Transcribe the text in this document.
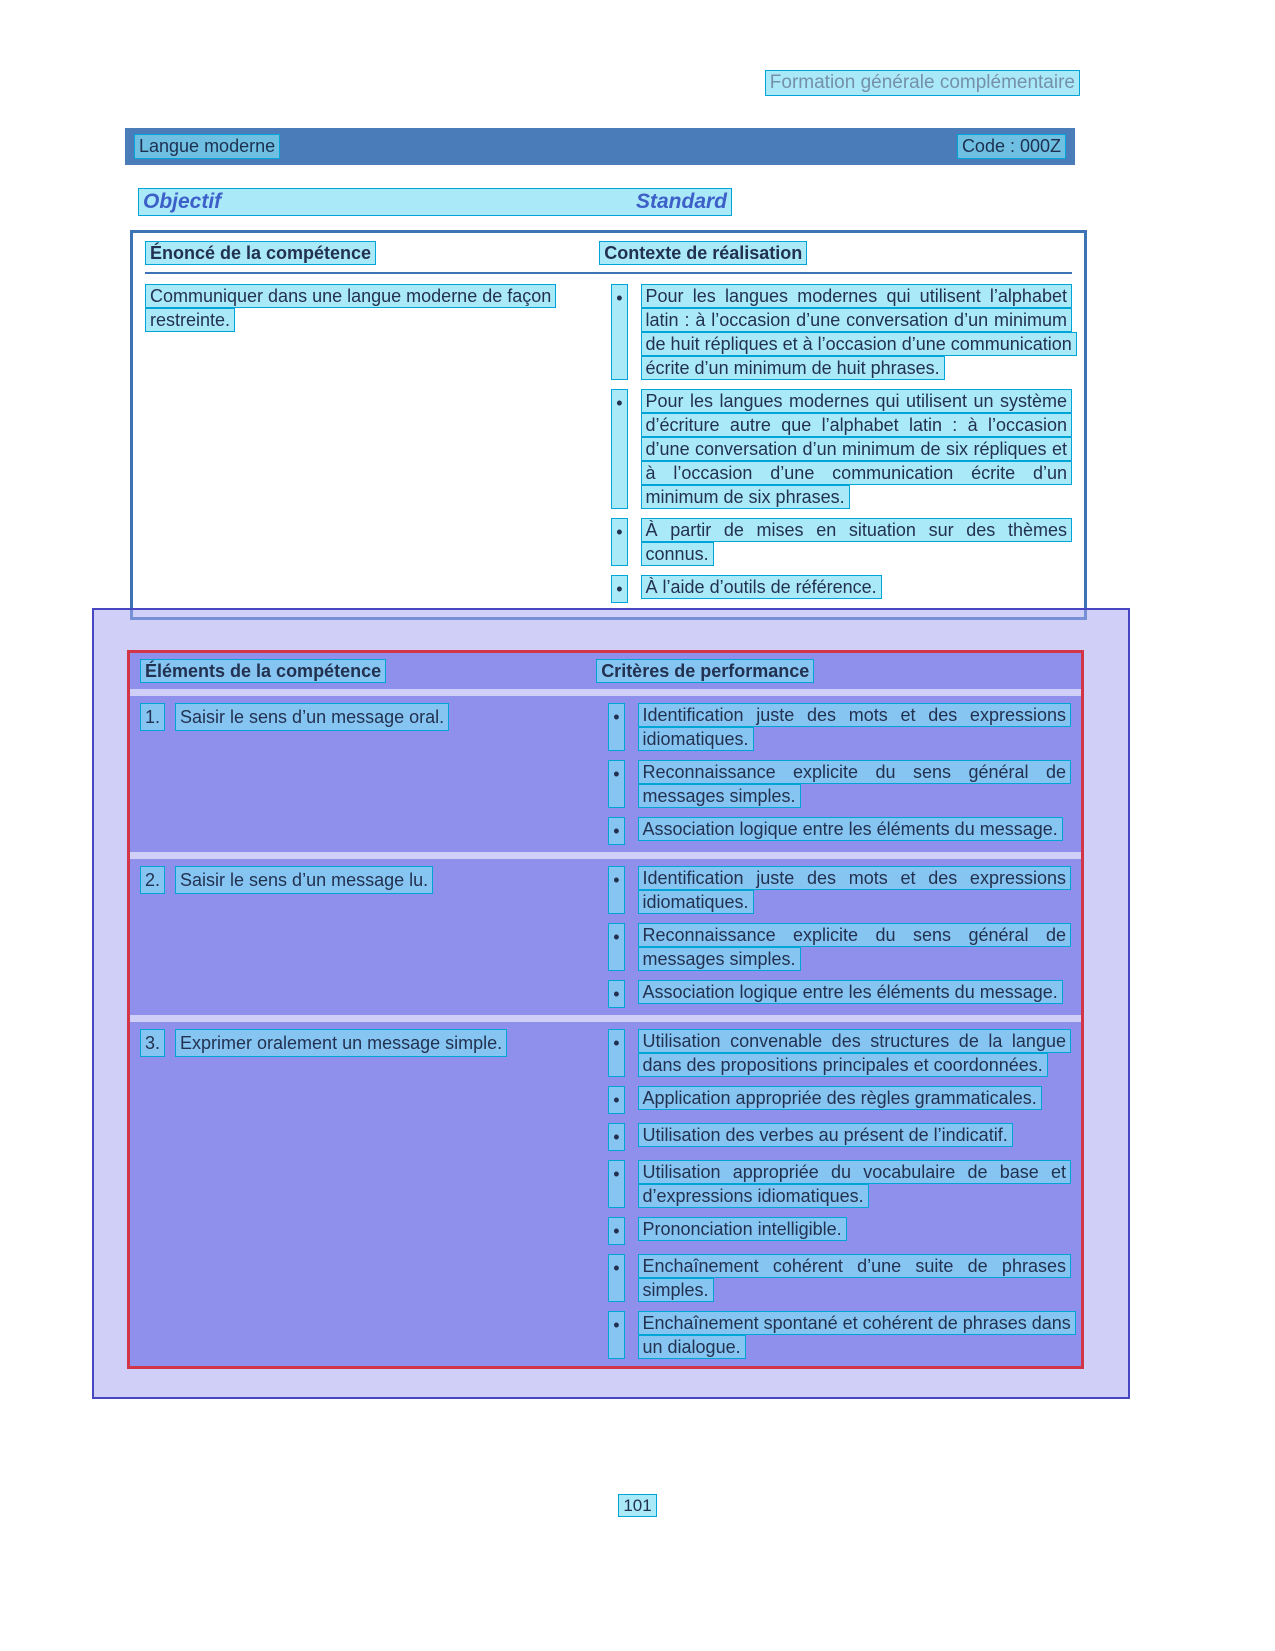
Formation générale complémentaire
Langue moderne	Code : 000Z
Objectif	Standard
Énoncé de la compétence	Contexte de réalisation
Communiquer dans une langue moderne de façon restreinte.
• Pour les langues modernes qui utilisent l’alphabet latin : à l’occasion d’une conversation d’un minimum de huit répliques et à l’occasion d’une communication écrite d’un minimum de huit phrases.
• Pour les langues modernes qui utilisent un système d’écriture autre que l’alphabet latin : à l’occasion d’une conversation d’un minimum de six répliques et à l’occasion d’une communication écrite d’un minimum de six phrases.
• À partir de mises en situation sur des thèmes connus.
• À l’aide d’outils de référence.
Éléments de la compétence	Critères de performance
1. Saisir le sens d’un message oral.	• Identification juste des mots et des expressions idiomatiques.
• Reconnaissance explicite du sens général de messages simples.
• Association logique entre les éléments du message.
2. Saisir le sens d’un message lu.	• Identification juste des mots et des expressions idiomatiques.
• Reconnaissance explicite du sens général de messages simples.
• Association logique entre les éléments du message.
3. Exprimer oralement un message simple.	• Utilisation convenable des structures de la langue dans des propositions principales et coordonnées.
• Application appropriée des règles grammaticales.
• Utilisation des verbes au présent de l’indicatif.
• Utilisation appropriée du vocabulaire de base et d’expressions idiomatiques.
• Prononciation intelligible.
• Enchaînement cohérent d’une suite de phrases simples.
• Enchaînement spontané et cohérent de phrases dans un dialogue.
101
